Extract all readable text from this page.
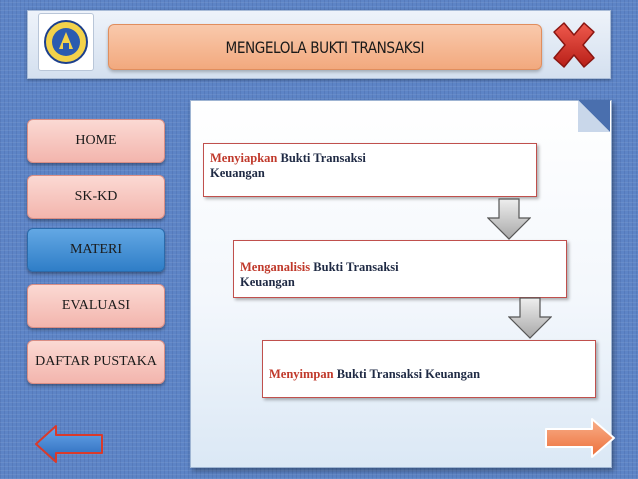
MENGELOLA BUKTI TRANSAKSI
HOME
SK-KD
MATERI
EVALUASI
DAFTAR PUSTAKA
Menyiapkan Bukti Transaksi
Keuangan
Menganalisis Bukti Transaksi
Keuangan
Menyimpan Bukti Transaksi Keuangan
